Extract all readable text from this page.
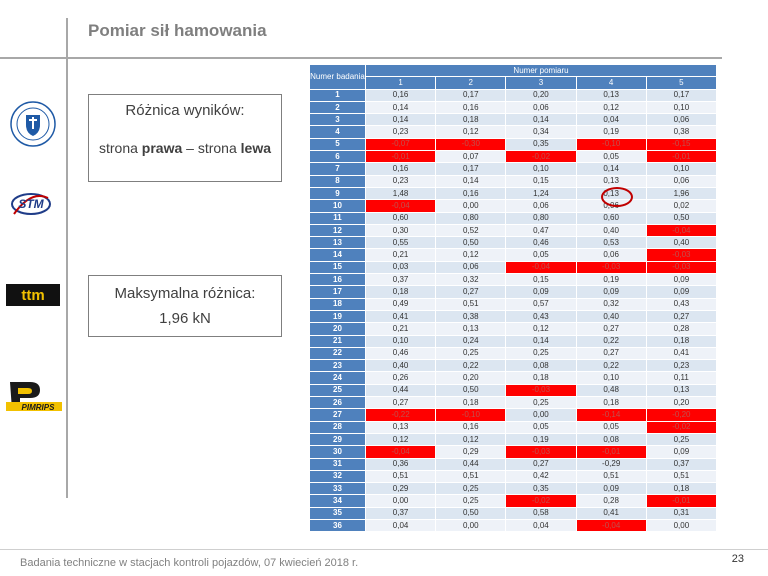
Pomiar sił hamowania
STM
ttm
PIMRIPS
Różnica wyników:
strona prawa – strona lewa
Maksymalna różnica:
1,96 kN
Numer badania	Numer pomiaru				
	1	2	3	4	5
1	0,16	0,17	0,20	0,13	0,17
2	0,14	0,16	0,06	0,12	0,10
3	0,14	0,18	0,14	0,04	0,06
4	0,23	0,12	0,34	0,19	0,38
5	-0,07	-0,30	0,35	-0,10	-0,15
6	-0,01	0,07	-0,02	0,05	-0,01
7	0,16	0,17	0,10	0,14	0,10
8	0,23	0,14	0,15	0,13	0,06
9	1,48	0,16	1,24	0,13	1,96
10	-0,04	0,00	0,06	0,06	0,02
11	0,60	0,80	0,80	0,60	0,50
12	0,30	0,52	0,47	0,40	-0,04
13	0,55	0,50	0,46	0,53	0,40
14	0,21	0,12	0,05	0,06	-0,03
15	0,03	0,06	-0,04	-0,03	-0,03
16	0,37	0,32	0,15	0,19	0,09
17	0,18	0,27	0,09	0,09	0,09
18	0,49	0,51	0,57	0,32	0,43
19	0,41	0,38	0,43	0,40	0,27
20	0,21	0,13	0,12	0,27	0,28
21	0,10	0,24	0,14	0,22	0,18
22	0,46	0,25	0,25	0,27	0,41
23	0,40	0,22	0,08	0,22	0,23
24	0,26	0,20	0,18	0,10	0,11
25	0,44	0,50	-0,03	0,48	0,13
26	0,27	0,18	0,25	0,18	0,20
27	-0,22	-0,10	0,00	-0,14	-0,20
28	0,13	0,16	0,05	0,05	-0,02
29	0,12	0,12	0,19	0,08	0,25
30	-0,04	0,29	-0,03	-0,01	0,09
31	0,36	0,44	0,27	-0,29	0,37
32	0,51	0,51	0,42	0,51	0,51
33	0,29	0,25	0,35	0,09	0,18
34	0,00	0,25	-0,02	0,28	-0,01
35	0,37	0,50	0,58	0,41	0,31
36	0,04	0,00	0,04	-0,04	0,00
Badania techniczne w stacjach kontroli pojazdów, 07 kwiecień 2018 r.	23
